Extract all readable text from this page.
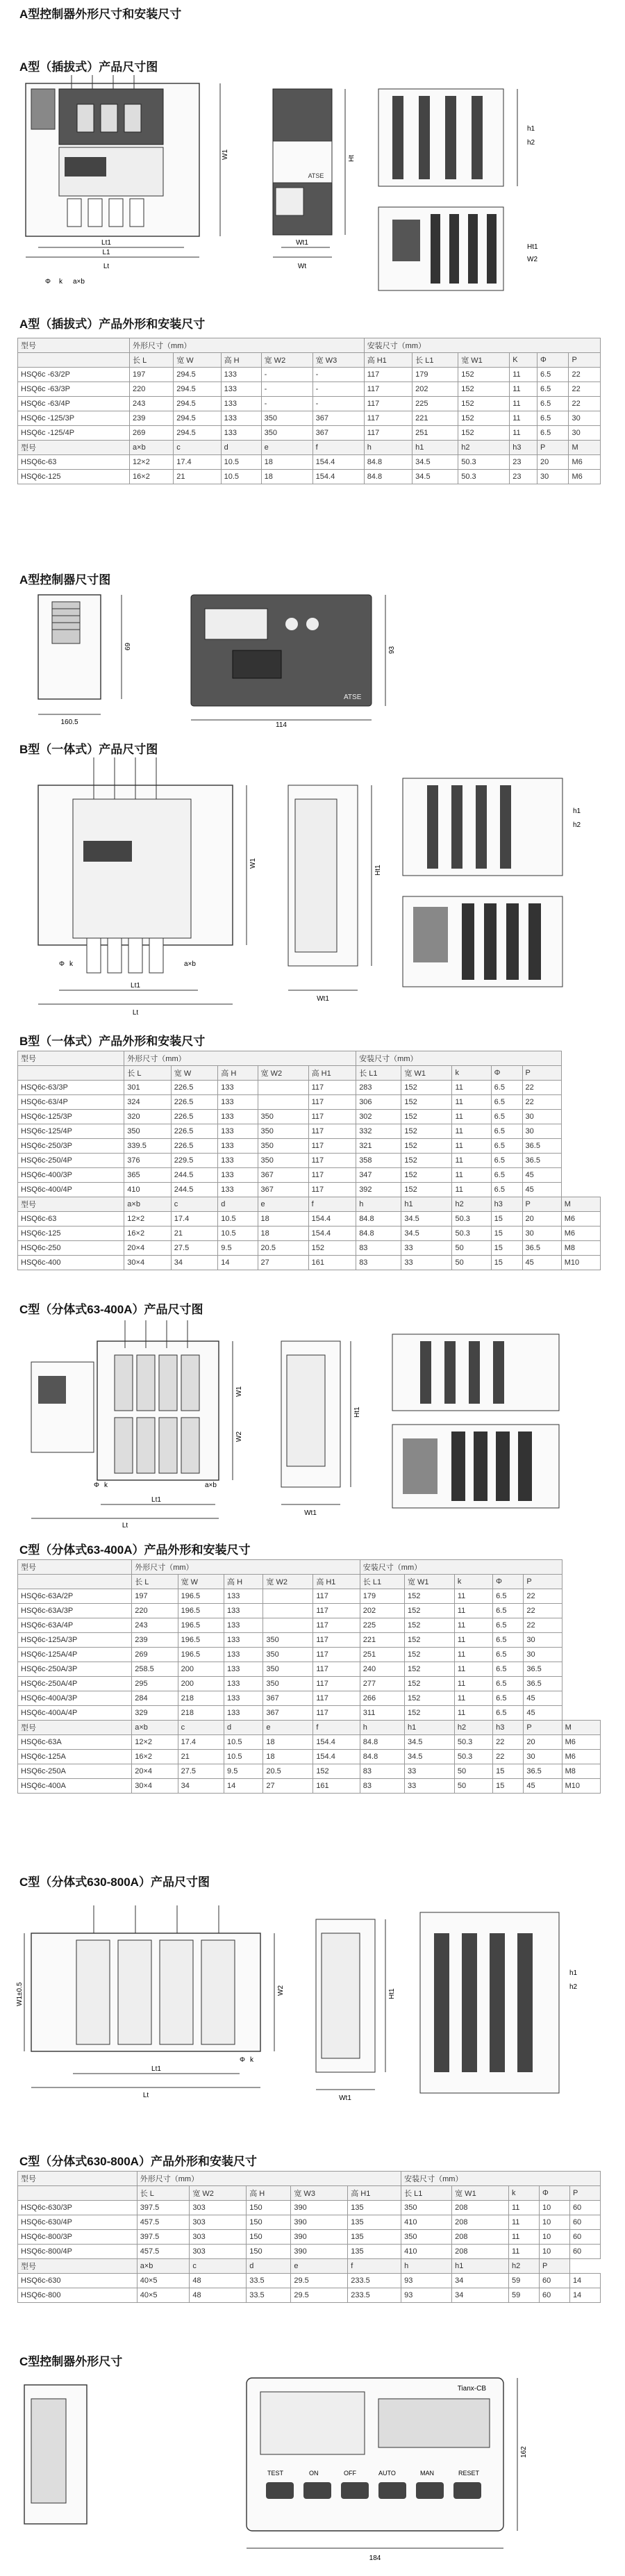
A型控制器外形尺寸和安装尺寸
A型（插拔式）产品尺寸图
Lt
Lt1
L1
W1
Wt
Wt1
Ht
ATSE
h1
h2
Ht1
W2
Φ k a×b
A型（插拔式）产品外形和安装尺寸
型号	外形尺寸（mm）					安装尺寸（mm）					
	长 L	宽 W	高 H	宽 W2	宽 W3	高 H1	长 L1	宽 W1	K	Φ	P
HSQ6c -63/2P	197	294.5	133	-	-	117	179	152	11	6.5	22
HSQ6c -63/3P	220	294.5	133	-	-	117	202	152	11	6.5	22
HSQ6c -63/4P	243	294.5	133	-	-	117	225	152	11	6.5	22
HSQ6c -125/3P	239	294.5	133	350	367	117	221	152	11	6.5	30
HSQ6c -125/4P	269	294.5	133	350	367	117	251	152	11	6.5	30
型号	a×b	c	d	e	f	h	h1	h2	h3	P	M
HSQ6c-63	12×2	17.4	10.5	18	154.4	84.8	34.5	50.3	23	20	M6
HSQ6c-125	16×2	21	10.5	18	154.4	84.8	34.5	50.3	23	30	M6
A型控制器尺寸图
160.5
69
ATSE
114
93
B型（一体式）产品尺寸图
Lt1
Lt
W1
Φ k	a×b
Wt1
Ht1
h1
h2
B型（一体式）产品外形和安装尺寸
型号	外形尺寸（mm）					安装尺寸（mm）					
	长 L	宽 W	高 H	宽 W2	高 H1	长 L1	宽 W1	k	Φ	P	
HSQ6c-63/3P	301	226.5	133		117	283	152	11	6.5	22	
HSQ6c-63/4P	324	226.5	133		117	306	152	11	6.5	22	
HSQ6c-125/3P	320	226.5	133	350	117	302	152	11	6.5	30	
HSQ6c-125/4P	350	226.5	133	350	117	332	152	11	6.5	30	
HSQ6c-250/3P	339.5	226.5	133	350	117	321	152	11	6.5	36.5	
HSQ6c-250/4P	376	229.5	133	350	117	358	152	11	6.5	36.5	
HSQ6c-400/3P	365	244.5	133	367	117	347	152	11	6.5	45	
HSQ6c-400/4P	410	244.5	133	367	117	392	152	11	6.5	45	
型号	a×b	c	d	e	f	h	h1	h2	h3	P	M
HSQ6c-63	12×2	17.4	10.5	18	154.4	84.8	34.5	50.3	15	20	M6
HSQ6c-125	16×2	21	10.5	18	154.4	84.8	34.5	50.3	15	30	M6
HSQ6c-250	20×4	27.5	9.5	20.5	152	83	33	50	15	36.5	M8
HSQ6c-400	30×4	34	14	27	161	83	33	50	15	45	M10
C型（分体式63-400A）产品尺寸图
Lt1
Lt
W1
W2
a×b
Φ k
Wt1
Ht1
C型（分体式63-400A）产品外形和安装尺寸
型号	外形尺寸（mm）					安装尺寸（mm）					
	长 L	宽 W	高 H	宽 W2	高 H1	长 L1	宽 W1	k	Φ	P	
HSQ6c-63A/2P	197	196.5	133		117	179	152	11	6.5	22	
HSQ6c-63A/3P	220	196.5	133		117	202	152	11	6.5	22	
HSQ6c-63A/4P	243	196.5	133		117	225	152	11	6.5	22	
HSQ6c-125A/3P	239	196.5	133	350	117	221	152	11	6.5	30	
HSQ6c-125A/4P	269	196.5	133	350	117	251	152	11	6.5	30	
HSQ6c-250A/3P	258.5	200	133	350	117	240	152	11	6.5	36.5	
HSQ6c-250A/4P	295	200	133	350	117	277	152	11	6.5	36.5	
HSQ6c-400A/3P	284	218	133	367	117	266	152	11	6.5	45	
HSQ6c-400A/4P	329	218	133	367	117	311	152	11	6.5	45	
型号	a×b	c	d	e	f	h	h1	h2	h3	P	M
HSQ6c-63A	12×2	17.4	10.5	18	154.4	84.8	34.5	50.3	22	20	M6
HSQ6c-125A	16×2	21	10.5	18	154.4	84.8	34.5	50.3	22	30	M6
HSQ6c-250A	20×4	27.5	9.5	20.5	152	83	33	50	15	36.5	M8
HSQ6c-400A	30×4	34	14	27	161	83	33	50	15	45	M10
C型（分体式630-800A）产品尺寸图
Lt1
Lt
W1±0.5	W2
Φ k
Wt1
Ht1
h1
h2
C型（分体式630-800A）产品外形和安装尺寸
型号	外形尺寸（mm）					安装尺寸（mm）				
	长 L	宽 W2	高 H	宽 W3	高 H1	长 L1	宽 W1	k	Φ	P
HSQ6c-630/3P	397.5	303	150	390	135	350	208	11	10	60
HSQ6c-630/4P	457.5	303	150	390	135	410	208	11	10	60
HSQ6c-800/3P	397.5	303	150	390	135	350	208	11	10	60
HSQ6c-800/4P	457.5	303	150	390	135	410	208	11	10	60
型号	a×b	c	d	e	f	h	h1	h2	P	
HSQ6c-630	40×5	48	33.5	29.5	233.5	93	34	59	60	14
HSQ6c-800	40×5	48	33.5	29.5	233.5	93	34	59	60	14
C型控制器外形尺寸
Tianx-CB
TEST	ON	OFF	AUTO	MAN	RESET
184
162
